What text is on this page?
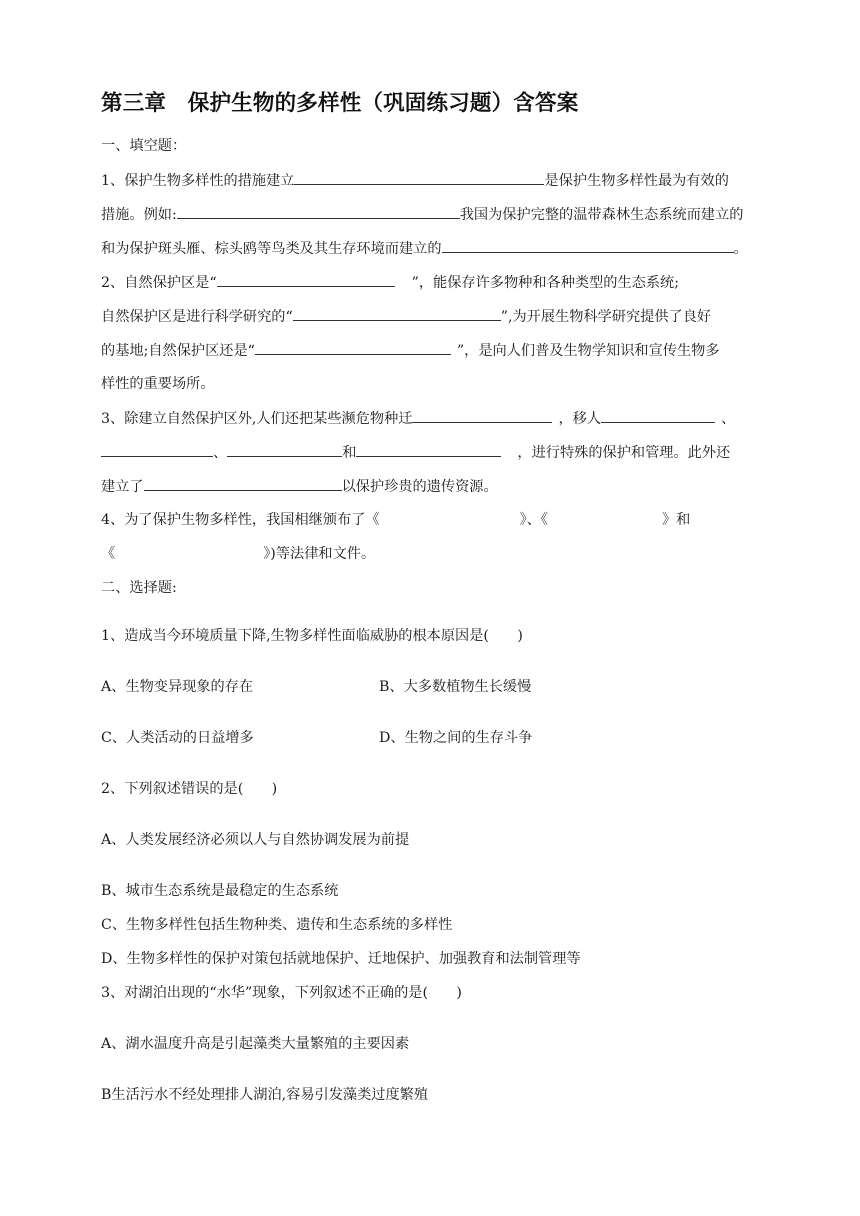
第三章　保护生物的多样性（巩固练习题）含答案
一、填空题：
1、保护生物多样性的措施建立	是保护生物多样性最为有效的
措施。例如:	我国为保护完整的温带森林生态系统而建立的
和为保护斑头雁、棕头鸥等鸟类及其生存环境而建立的	。
2、自然保护区是“	”，能保存许多物种和各种类型的生态系统;
自然保护区是进行科学研究的“	”,为开展生物科学研究提供了良好
的基地;自然保护区还是“	”，是向人们普及生物学知识和宣传生物多
样性的重要场所。
3、除建立自然保护区外,人们还把某些濒危物种迁	，移人	、
、	和	，进行特殊的保护和管理。此外还
建立了	以保护珍贵的遗传资源。
4、为了保护生物多样性，我国相继颁布了《	》、《	》和
《	》)等法律和文件。
二、选择题:
1、造成当今环境质量下降,生物多样性面临威胁的根本原因是(　　)
A、生物变异现象的存在	B、大多数植物生长缓慢
C、人类活动的日益增多	D、生物之间的生存斗争
2、下列叙述错误的是(　　)
A、人类发展经济必须以人与自然协调发展为前提
B、城市生态系统是最稳定的生态系统
C、生物多样性包括生物种类、遗传和生态系统的多样性
D、生物多样性的保护对策包括就地保护、迁地保护、加强教育和法制管理等
3、对湖泊出现的“水华”现象，下列叙述不正确的是(　　)
A、湖水温度升高是引起藻类大量繁殖的主要因素
B生活污水不经处理排人湖泊,容易引发藻类过度繁殖
